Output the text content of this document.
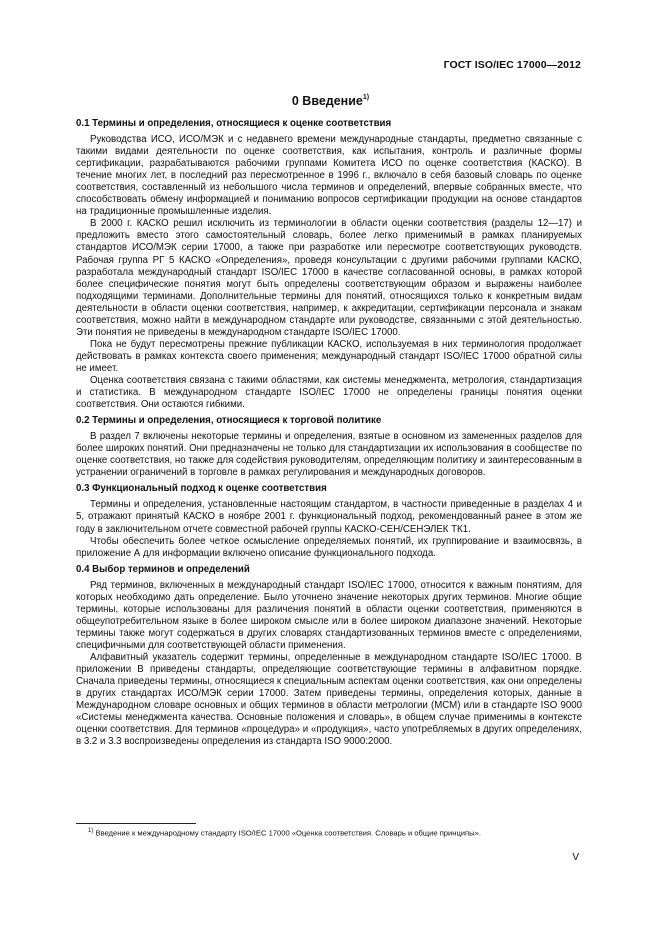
ГОСТ ISO/IEC 17000—2012
0 Введение$^{1)}$
0.1 Термины и определения, относящиеся к оценке соответствия

Руководства ИСО, ИСО/МЭК и с недавнего времени международные стандарты, предметно связанные с такими видами деятельности по оценке соответствия, как испытания, контроль и различные формы сертификации, разрабатываются рабочими группами Комитета ИСО по оценке соответствия (КАСКО). В течение многих лет, в последний раз пересмотренное в 1996 г., включало в себя базовый словарь по оценке соответствия, составленный из небольшого числа терминов и определений, впервые собранных вместе, что способствовать обмену информацией и пониманию вопросов сертификации продукции на основе стандартов на традиционные промышленные изделия.

В 2000 г. КАСКО решил исключить из терминологии в области оценки соответствия (разделы 12—17) и предложить вместо этого самостоятельный словарь, более легко применимый в рамках планируемых стандартов ИСО/МЭК серии 17000, а также при разработке или пересмотре соответствующих руководств. Рабочая группа РГ 5 КАСКО «Определения», проведя консультации с другими рабочими группами КАСКО, разработала международный стандарт ISO/IEC 17000 в качестве согласованной основы, в рамках которой более специфические понятия могут быть определены соответствующим образом и выражены наиболее подходящими терминами. Дополнительные термины для понятий, относящихся только к конкретным видам деятельности в области оценки соответствия, например, к аккредитации, сертификации персонала и знакам соответствия, можно найти в международном стандарте или руководстве, связанными с этой деятельностью. Эти понятия не приведены в международном стандарте ISO/IEC 17000.

Пока не будут пересмотрены прежние публикации КАСКО, используемая в них терминология продолжает действовать в рамках контекста своего применения; международный стандарт ISO/IEC 17000 обратной силы не имеет.

Оценка соответствия связана с такими областями, как системы менеджмента, метрология, стандартизация и статистика. В международном стандарте ISO/IEC 17000 не определены границы понятия оценки соответствия. Они остаются гибкими.

0.2 Термины и определения, относящиеся к торговой политике

В раздел 7 включены некоторые термины и определения, взятые в основном из замененных разделов для более широких понятий. Они предназначены не только для стандартизации их использования в сообществе по оценке соответствия, но также для содействия руководителям, определяющим политику и заинтересованным в устранении ограничений в торговле в рамках регулирования и международных договоров.

0.3 Функциональный подход к оценке соответствия

Термины и определения, установленные настоящим стандартом, в частности приведенные в разделах 4 и 5, отражают принятый КАСКО в ноябре 2001 г. функциональный подход, рекомендованный ранее в этом же году в заключительном отчете совместной рабочей группы КАСКО-СЕН/СЕНЭЛЕК ТК1.

Чтобы обеспечить более четкое осмысление определяемых понятий, их группирование и взаимосвязь, в приложение А для информации включено описание функционального подхода.

0.4 Выбор терминов и определений

Ряд терминов, включенных в международный стандарт ISO/IEC 17000, относится к важным понятиям, для которых необходимо дать определение. Было уточнено значение некоторых других терминов. Многие общие термины, которые использованы для различения понятий в области оценки соответствия, применяются в общеупотребительном языке в более широком смысле или в более широком диапазоне значений. Некоторые термины также могут содержаться в других словарях стандартизованных терминов вместе с определениями, специфичными для соответствующей области применения.

Алфавитный указатель содержит термины, определенные в международном стандарте ISO/IEC 17000. В приложении В приведены стандарты, определяющие соответствующие термины в алфавитном порядке. Сначала приведены термины, относящиеся к специальным аспектам оценки соответствия, как они определены в других стандартах ИСО/МЭК серии 17000. Затем приведены термины, определения которых, данные в Международном словаре основных и общих терминов в области метрологии (МСМ) или в стандарте ISO 9000 «Системы менеджмента качества. Основные положения и словарь», в общем случае применимы в контексте оценки соответствия. Для терминов «процедура» и «продукция», часто употребляемых в других определениях, в 3.2 и 3.3 воспроизведены определения из стандарта ISO 9000:2000.

$^{1)}$ Введение к международному стандарту ISO/IEC 17000 «Оценка соответствия. Словарь и общие принципы».
V
